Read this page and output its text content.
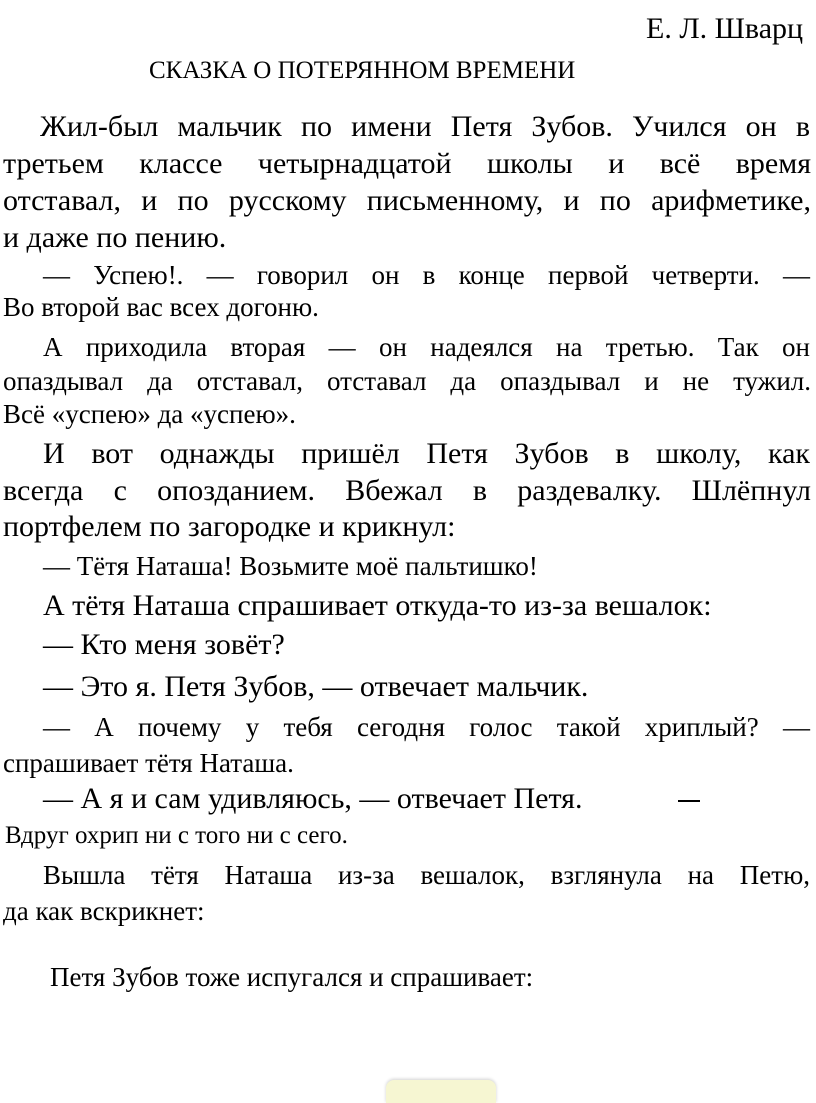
Е. Л. Шварц
СКАЗКА О ПОТЕРЯННОМ ВРЕМЕНИ
Жил-был мальчик по имени Петя Зубов. Учился он в
третьем классе четырнадцатой школы и всё время
отставал, и по русскому письменному, и по арифметике,
и даже по пению.
— Успею!. — говорил он в конце первой четверти. —
Во второй вас всех догоню.
А приходила вторая — он надеялся на третью. Так он
опаздывал да отставал, отставал да опаздывал и не тужил.
Всё «успею» да «успею».
И вот однажды пришёл Петя Зубов в школу, как
всегда с опозданием. Вбежал в раздевалку. Шлёпнул
портфелем по загородке и крикнул:
— Тётя Наташа! Возьмите моё пальтишко!
А тётя Наташа спрашивает откуда-то из-за вешалок:
— Кто меня зовёт?
— Это я. Петя Зубов, — отвечает мальчик.
— А почему у тебя сегодня голос такой хриплый? —
спрашивает тётя Наташа.
— А я и сам удивляюсь, — отвечает Петя.
Вдруг охрип ни с того ни с сего.
Вышла тётя Наташа из-за вешалок, взглянула на Петю,
да как вскрикнет:
Петя Зубов тоже испугался и спрашивает:
